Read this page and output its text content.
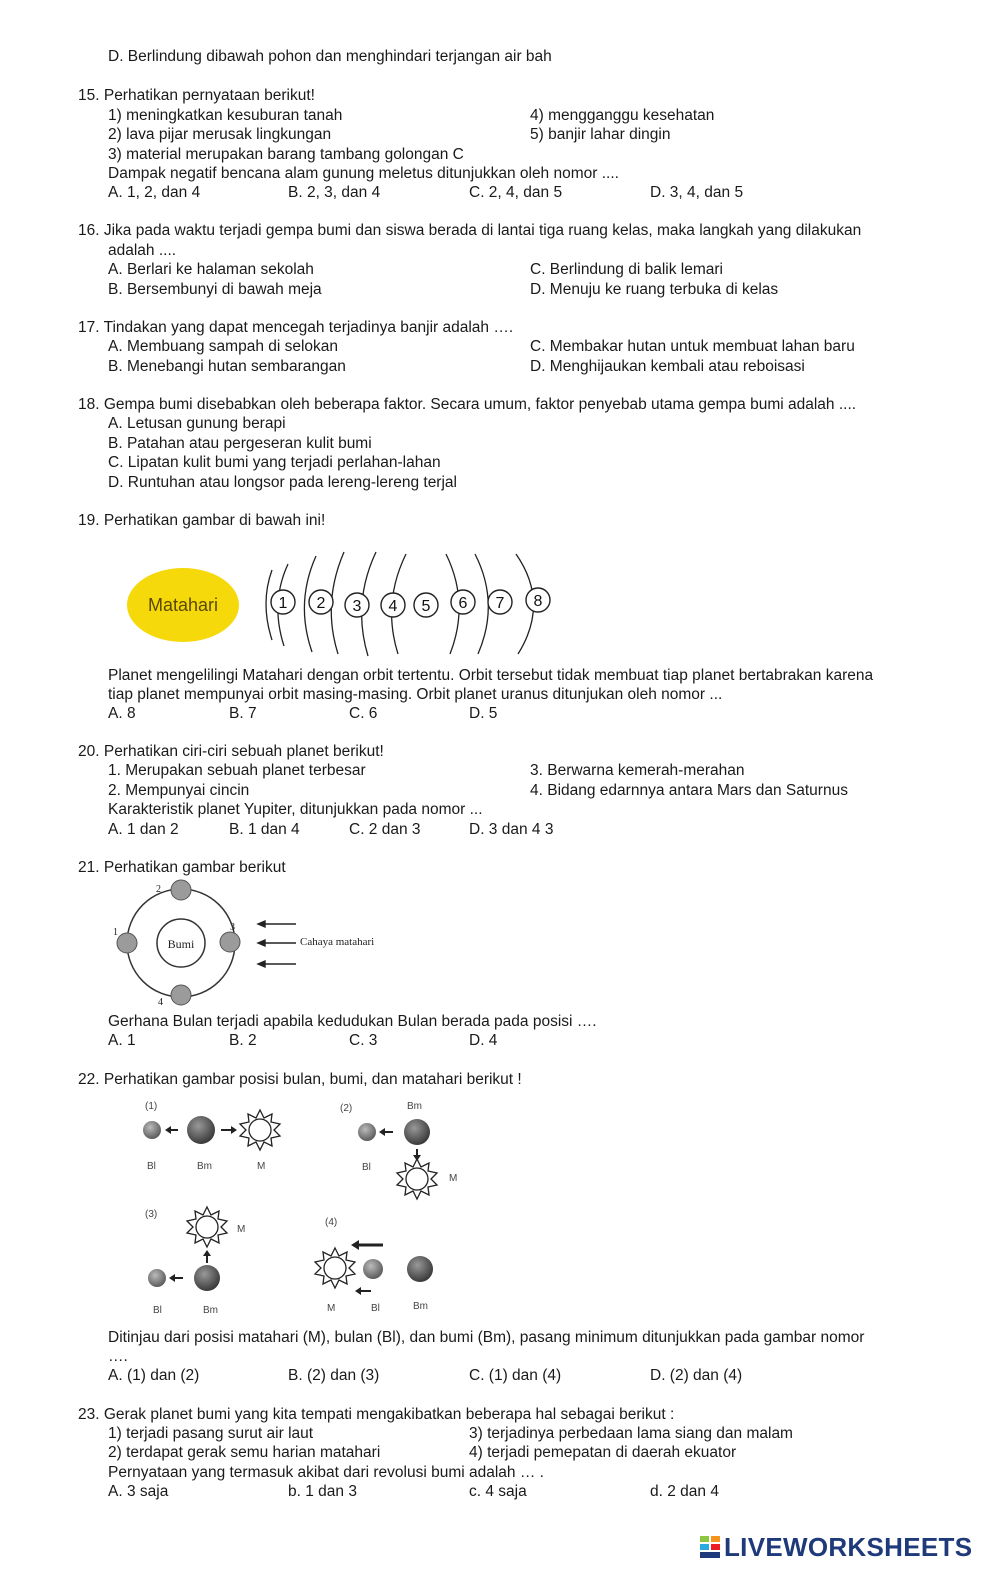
D. Berlindung dibawah pohon dan menghindari terjangan air bah
15. Perhatikan pernyataan berikut!
1) meningkatkan kesuburan tanah	4) mengganggu kesehatan
2) lava pijar merusak lingkungan	5) banjir lahar dingin
3) material merupakan barang tambang golongan C
Dampak negatif bencana alam gunung meletus ditunjukkan oleh nomor ....
A. 1, 2, dan 4	B. 2, 3, dan 4	C. 2, 4, dan 5	D. 3, 4, dan 5
16. Jika pada waktu terjadi gempa bumi dan siswa berada di lantai tiga ruang kelas, maka langkah yang dilakukan
adalah ....
A. Berlari ke halaman sekolah	C. Berlindung di balik lemari
B. Bersembunyi di bawah meja	D. Menuju ke ruang terbuka di kelas
17. Tindakan yang dapat mencegah terjadinya banjir adalah ….
A. Membuang sampah di selokan	C. Membakar hutan untuk membuat lahan baru
B. Menebangi hutan sembarangan	D. Menghijaukan kembali atau reboisasi
18. Gempa bumi disebabkan oleh beberapa faktor. Secara umum, faktor penyebab utama gempa bumi adalah ....
A. Letusan gunung berapi
B. Patahan atau pergeseran kulit bumi
C. Lipatan kulit bumi yang terjadi perlahan-lahan
D. Runtuhan atau longsor pada lereng-lereng terjal
19. Perhatikan gambar di bawah ini!
Matahari	1 2 3 4 5 6 7 8
Planet mengelilingi Matahari dengan orbit tertentu. Orbit tersebut tidak membuat tiap planet bertabrakan karena
tiap planet mempunyai orbit masing-masing. Orbit planet uranus ditunjukan oleh nomor ...
A. 8	B. 7	C. 6	D. 5
20. Perhatikan ciri-ciri sebuah planet berikut!
1. Merupakan sebuah planet terbesar	3. Berwarna kemerah-merahan
2. Mempunyai cincin	4. Bidang edarnnya antara Mars dan Saturnus
Karakteristik planet Yupiter, ditunjukkan pada nomor ...
A. 1 dan 2	B. 1 dan 4	C. 2 dan 3	D. 3 dan 4 3
21. Perhatikan gambar berikut
Bumi
1
2
3
4
Cahaya matahari
Gerhana Bulan terjadi apabila kedudukan Bulan berada pada posisi ….
A. 1	B. 2	C. 3	D. 4
22. Perhatikan gambar posisi bulan, bumi, dan matahari berikut !
(1)
Bl	Bm	M
(2)	Bm
Bl
M
(3)
M
Bl	Bm
(4)
M	Bl	Bm
Ditinjau dari posisi matahari (M), bulan (Bl), dan bumi (Bm), pasang minimum ditunjukkan pada gambar nomor
….
A. (1) dan (2)	B. (2) dan (3)	C. (1) dan (4)	D. (2) dan (4)
23. Gerak planet bumi yang kita tempati mengakibatkan beberapa hal sebagai berikut :
1) terjadi pasang surut air laut	3) terjadinya perbedaan lama siang dan malam
2) terdapat gerak semu harian matahari	4) terjadi pemepatan di daerah ekuator
Pernyataan yang termasuk akibat dari revolusi bumi adalah … .
A. 3 saja	b. 1 dan 3	c. 4 saja	d. 2 dan 4
LIVEWORKSHEETS
